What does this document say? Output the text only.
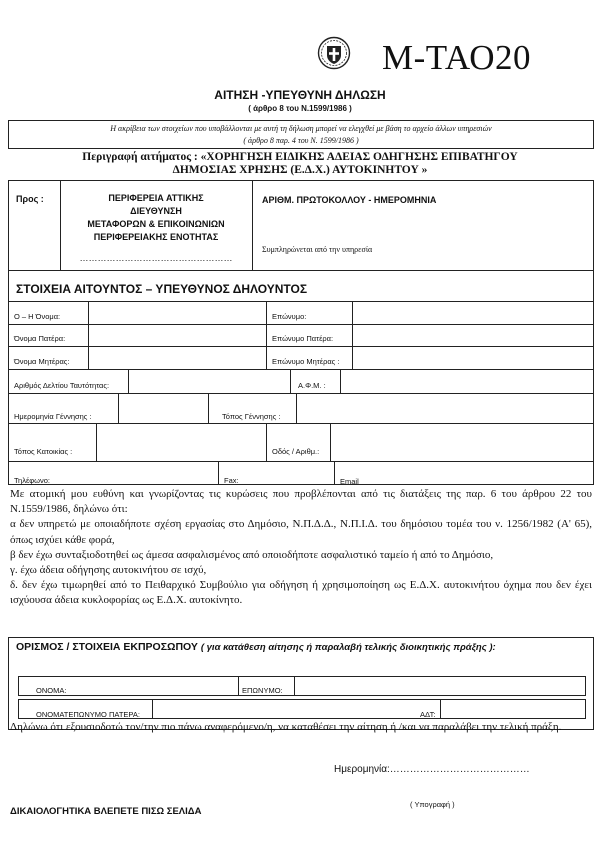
Μ-ΤΑΟ20
ΑΙΤΗΣΗ -ΥΠΕΥΘΥΝΗ ΔΗΛΩΣΗ
( άρθρο 8 του Ν.1599/1986 )
Η ακρίβεια των στοιχείων που υποβάλλονται με αυτή τη δήλωση μπορεί να ελεγχθεί με βάση το αρχείο άλλων υπηρεσιών
( άρθρο 8 παρ. 4 του Ν. 1599/1986 )
Περιγραφή αιτήματος : «ΧΟΡΗΓΗΣΗ ΕΙΔΙΚΗΣ ΑΔΕΙΑΣ ΟΔΗΓΗΣΗΣ ΕΠΙΒΑΤΗΓΟΥ
ΔΗΜΟΣΙΑΣ ΧΡΗΣΗΣ (Ε.Δ.Χ.) ΑΥΤΟΚΙΝΗΤΟΥ »
Προς :	ΠΕΡΙΦΕΡΕΙΑ ΑΤΤΙΚΗΣ
ΔΙΕΥΘΥΝΣΗ
ΜΕΤΑΦΟΡΩΝ & ΕΠΙΚΟΙΝΩΝΙΩΝ
ΠΕΡΙΦΕΡΕΙΑΚΗΣ ΕΝΟΤΗΤΑΣ
……………………………………………
ΑΡΙΘΜ. ΠΡΩΤΟΚΟΛΛΟΥ - ΗΜΕΡΟΜΗΝΙΑ
Συμπληρώνεται από την υπηρεσία
ΣΤΟΙΧΕΙΑ ΑΙΤΟΥΝΤΟΣ – ΥΠΕΥΘΥΝΟΣ ΔΗΛΟΥΝΤΟΣ
Ο – Η Όνομα:	Επώνυμο:
Όνομα Πατέρα:	Επώνυμο Πατέρα:
Όνομα Μητέρας:	Επώνυμο Μητέρας :
Αριθμός Δελτίου Ταυτότητας:	Α.Φ.Μ. :
Ημερομηνία Γέννησης :	Τόπος Γέννησης :
Τόπος Κατοικίας :	Οδός / Αριθμ.:
Τηλέφωνο:	Fax:	Email
Με ατομική μου ευθύνη και γνωρίζοντας τις κυρώσεις που προβλέπονται από τις διατάξεις της παρ. 6 του άρθρου 22 του Ν.1559/1986, δηλώνω ότι:
α δεν υπηρετώ με οποιαδήποτε σχέση εργασίας στο Δημόσιο, Ν.Π.Δ.Δ., Ν.Π.Ι.Δ. του δημόσιου τομέα του ν. 1256/1982 (Α' 65), όπως ισχύει κάθε φορά,
β δεν έχω συνταξιοδοτηθεί ως άμεσα ασφαλισμένος από οποιοδήποτε ασφαλιστικό ταμείο ή από το Δημόσιο,
γ. έχω άδεια οδήγησης αυτοκινήτου σε ισχύ,
δ. δεν έχω τιμωρηθεί από το Πειθαρχικό Συμβούλιο για οδήγηση ή χρησιμοποίηση ως Ε.Δ.Χ. αυτοκινήτου όχημα που δεν έχει ισχύουσα άδεια κυκλοφορίας ως Ε.Δ.Χ. αυτοκίνητο.
ΟΡΙΣΜΟΣ / ΣΤΟΙΧΕΙΑ ΕΚΠΡΟΣΩΠΟΥ ( για κατάθεση αίτησης ή παραλαβή τελικής διοικητικής πράξης ):
ΟΝΟΜΑ:	ΕΠΩΝΥΜΟ:
ΟΝΟΜΑΤΕΠΩΝΥΜΟ ΠΑΤΕΡΑ:	ΑΔΤ:
Δηλώνω ότι εξουσιοδοτώ τον/την πιο πάνω αναφερόμενο/η, να καταθέσει την αίτηση ή /και να παραλάβει την τελική πράξη.
Ημερομηνία:……………………………………
( Υπογραφή )
ΔΙΚΑΙΟΛΟΓΗΤΙΚΑ ΒΛΕΠΕΤΕ ΠΙΣΩ ΣΕΛΙΔΑ
